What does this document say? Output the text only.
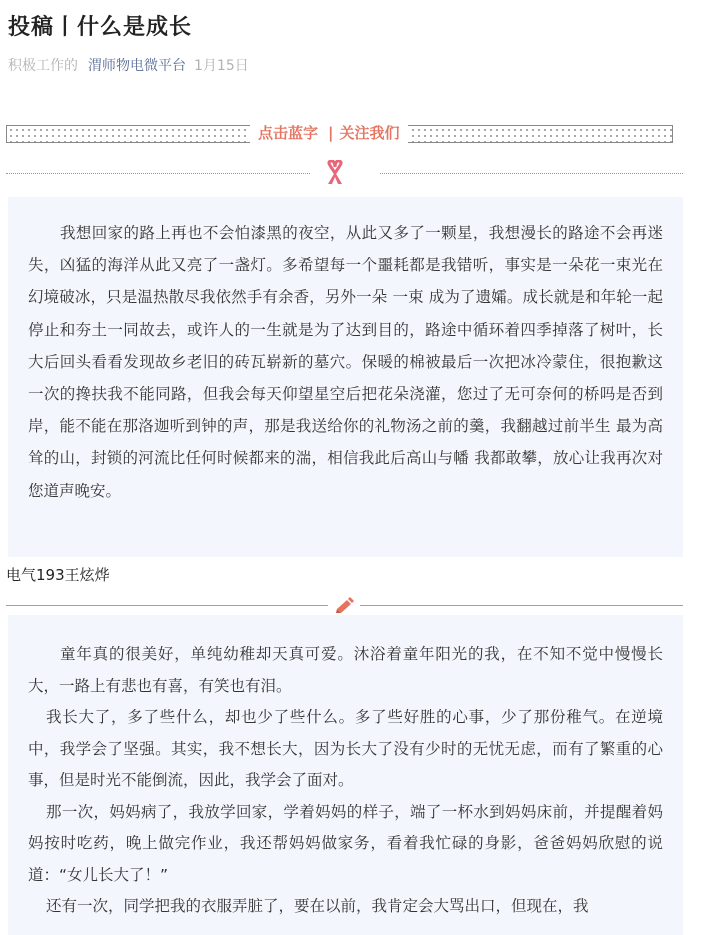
投稿丨什么是成长
积极工作的 渭师物电微平台 1月15日
点击蓝字 | 关注我们

我想回家的路上再也不会怕漆黑的夜空，从此又多了一颗星，我想漫长的路途不会再迷失，凶猛的海洋从此又亮了一盏灯。多希望每一个噩耗都是我错听，事实是一朵花一束光在幻境破冰，只是温热散尽我依然手有余香，另外一朵 一束 成为了遗孀。成长就是和年轮一起停止和夯土一同故去，或许人的一生就是为了达到目的，路途中循环着四季掉落了树叶，长大后回头看看发现故乡老旧的砖瓦崭新的墓穴。保暖的棉被最后一次把冰冷蒙住，很抱歉这一次的搀扶我不能同路，但我会每天仰望星空后把花朵浇灌，您过了无可奈何的桥吗是否到岸，能不能在那洛迦听到钟的声，那是我送给你的礼物汤之前的羹，我翻越过前半生 最为高耸的山，封锁的河流比任何时候都来的湍，相信我此后高山与幡 我都敢攀，放心让我再次对您道声晚安。

电气193王炫烨

童年真的很美好，单纯幼稚却天真可爱。沐浴着童年阳光的我，在不知不觉中慢慢长大，一路上有悲也有喜，有笑也有泪。

我长大了，多了些什么，却也少了些什么。多了些好胜的心事，少了那份稚气。在逆境中，我学会了坚强。其实，我不想长大，因为长大了没有少时的无忧无虑，而有了繁重的心事，但是时光不能倒流，因此，我学会了面对。

那一次，妈妈病了，我放学回家，学着妈妈的样子，端了一杯水到妈妈床前，并提醒着妈妈按时吃药，晚上做完作业，我还帮妈妈做家务，看着我忙碌的身影，爸爸妈妈欣慰的说道：“女儿长大了！”

还有一次，同学把我的衣服弄脏了，要在以前，我肯定会大骂出口，但现在，我
